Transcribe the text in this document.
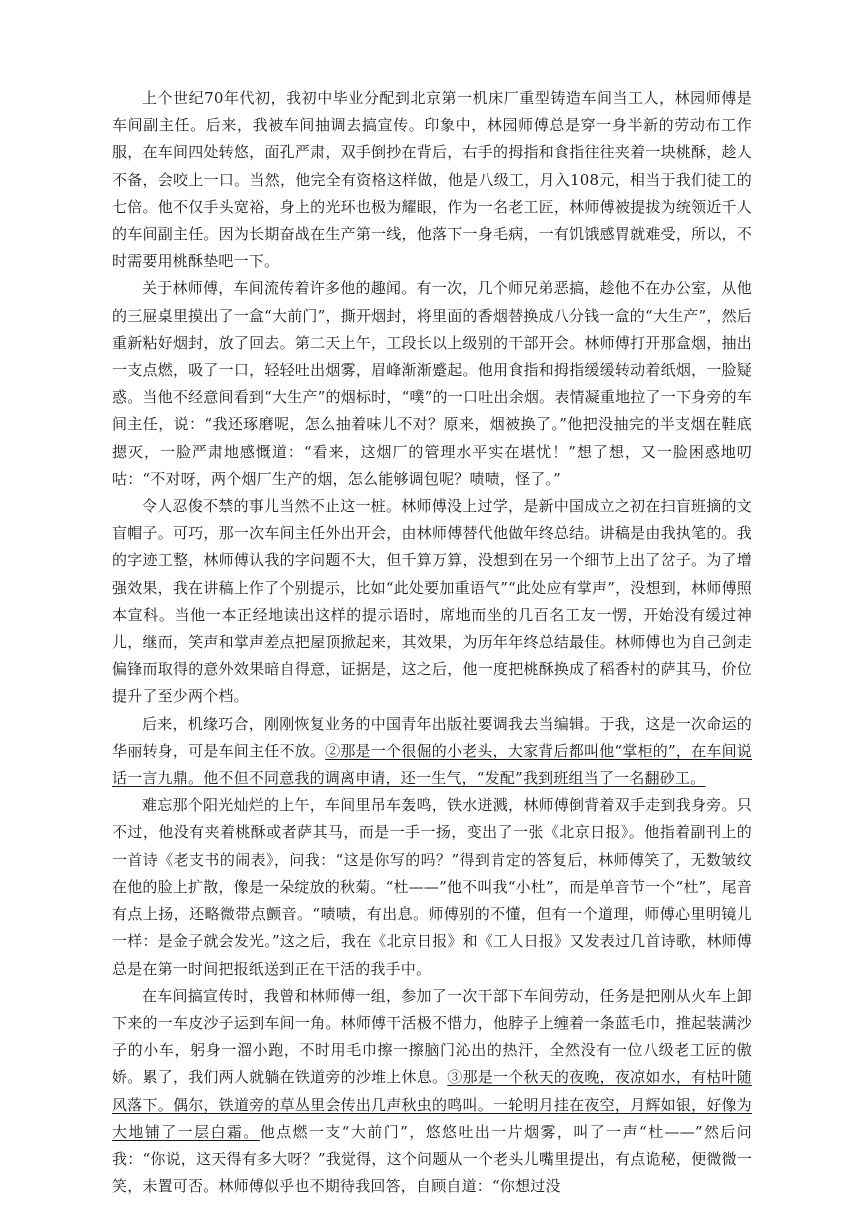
上个世纪70年代初，我初中毕业分配到北京第一机床厂重型铸造车间当工人，林园师傅是车间副主任。后来，我被车间抽调去搞宣传。印象中，林园师傅总是穿一身半新的劳动布工作服，在车间四处转悠，面孔严肃，双手倒抄在背后，右手的拇指和食指往往夹着一块桃酥，趁人不备，会咬上一口。当然，他完全有资格这样做，他是八级工，月入108元，相当于我们徒工的七倍。他不仅手头宽裕，身上的光环也极为耀眼，作为一名老工匠，林师傅被提拔为统领近千人的车间副主任。因为长期奋战在生产第一线，他落下一身毛病，一有饥饿感胃就难受，所以，不时需要用桃酥垫吧一下。

关于林师傅，车间流传着许多他的趣闻。有一次，几个师兄弟恶搞，趁他不在办公室，从他的三屉桌里摸出了一盒“大前门”，撕开烟封，将里面的香烟替换成八分钱一盒的“大生产”，然后重新粘好烟封，放了回去。第二天上午，工段长以上级别的干部开会。林师傅打开那盒烟，抽出一支点燃，吸了一口，轻轻吐出烟雾，眉峰渐渐蹙起。他用食指和拇指缓缓转动着纸烟，一脸疑惑。当他不经意间看到“大生产”的烟标时，“噗”的一口吐出余烟。表情凝重地拉了一下身旁的车间主任，说：“我还琢磨呢，怎么抽着味儿不对？原来，烟被换了。”他把没抽完的半支烟在鞋底摁灭，一脸严肃地感慨道：“看来，这烟厂的管理水平实在堪忧！”想了想，又一脸困惑地叨咕：“不对呀，两个烟厂生产的烟，怎么能够调包呢？啧啧，怪了。”

令人忍俊不禁的事儿当然不止这一桩。林师傅没上过学，是新中国成立之初在扫盲班摘的文盲帽子。可巧，那一次车间主任外出开会，由林师傅替代他做年终总结。讲稿是由我执笔的。我的字迹工整，林师傅认我的字问题不大，但千算万算，没想到在另一个细节上出了岔子。为了增强效果，我在讲稿上作了个别提示，比如“此处要加重语气”“此处应有掌声”，没想到，林师傅照本宣科。当他一本正经地读出这样的提示语时，席地而坐的几百名工友一愣，开始没有缓过神儿，继而，笑声和掌声差点把屋顶掀起来，其效果，为历年年终总结最佳。林师傅也为自己剑走偏锋而取得的意外效果暗自得意，证据是，这之后，他一度把桃酥换成了稻香村的萨其马，价位提升了至少两个档。

后来，机缘巧合，刚刚恢复业务的中国青年出版社要调我去当编辑。于我，这是一次命运的华丽转身，可是车间主任不放。②那是一个很倔的小老头，大家背后都叫他“掌柜的”，在车间说话一言九鼎。他不但不同意我的调离申请，还一生气，“发配”我到班组当了一名翻砂工。

难忘那个阳光灿烂的上午，车间里吊车轰鸣，铁水迸溅，林师傅倒背着双手走到我身旁。只不过，他没有夹着桃酥或者萨其马，而是一手一扬，变出了一张《北京日报》。他指着副刊上的一首诗《老支书的闹表》，问我：“这是你写的吗？”得到肯定的答复后，林师傅笑了，无数皱纹在他的脸上扩散，像是一朵绽放的秋菊。“杜——”他不叫我“小杜”，而是单音节一个“杜”，尾音有点上扬，还略微带点颤音。“啧啧，有出息。师傅别的不懂，但有一个道理，师傅心里明镜儿一样：是金子就会发光。”这之后，我在《北京日报》和《工人日报》又发表过几首诗歌，林师傅总是在第一时间把报纸送到正在干活的我手中。

在车间搞宣传时，我曾和林师傅一组，参加了一次干部下车间劳动，任务是把刚从火车上卸下来的一车皮沙子运到车间一角。林师傅干活极不惜力，他脖子上缠着一条蓝毛巾，推起装满沙子的小车，躬身一溜小跑，不时用毛巾擦一擦脑门沁出的热汗，全然没有一位八级老工匠的傲娇。累了，我们两人就躺在铁道旁的沙堆上休息。③那是一个秋天的夜晚，夜凉如水，有枯叶随风落下。偶尔，铁道旁的草丛里会传出几声秋虫的鸣叫。一轮明月挂在夜空，月辉如银，好像为大地铺了一层白霜。他点燃一支“大前门”，悠悠吐出一片烟雾，叫了一声“杜——”然后问我：“你说，这天得有多大呀？”我觉得，这个问题从一个老头儿嘴里提出，有点诡秘，便微微一笑，未置可否。林师傅似乎也不期待我回答，自顾自道：“你想过没
